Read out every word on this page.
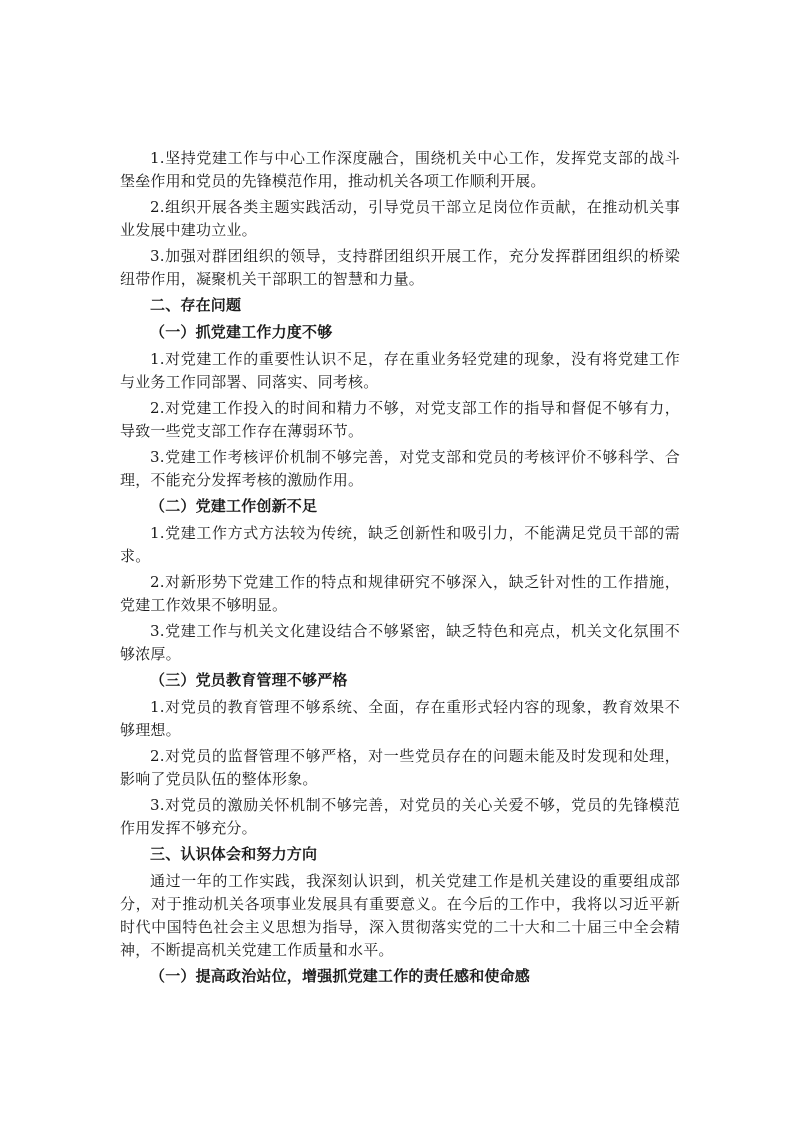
1.坚持党建工作与中心工作深度融合，围绕机关中心工作，发挥党支部的战斗堡垒作用和党员的先锋模范作用，推动机关各项工作顺利开展。
2.组织开展各类主题实践活动，引导党员干部立足岗位作贡献，在推动机关事业发展中建功立业。
3.加强对群团组织的领导，支持群团组织开展工作，充分发挥群团组织的桥梁纽带作用，凝聚机关干部职工的智慧和力量。
二、存在问题
（一）抓党建工作力度不够
1.对党建工作的重要性认识不足，存在重业务轻党建的现象，没有将党建工作与业务工作同部署、同落实、同考核。
2.对党建工作投入的时间和精力不够，对党支部工作的指导和督促不够有力，导致一些党支部工作存在薄弱环节。
3.党建工作考核评价机制不够完善，对党支部和党员的考核评价不够科学、合理，不能充分发挥考核的激励作用。
（二）党建工作创新不足
1.党建工作方式方法较为传统，缺乏创新性和吸引力，不能满足党员干部的需求。
2.对新形势下党建工作的特点和规律研究不够深入，缺乏针对性的工作措施，党建工作效果不够明显。
3.党建工作与机关文化建设结合不够紧密，缺乏特色和亮点，机关文化氛围不够浓厚。
（三）党员教育管理不够严格
1.对党员的教育管理不够系统、全面，存在重形式轻内容的现象，教育效果不够理想。
2.对党员的监督管理不够严格，对一些党员存在的问题未能及时发现和处理，影响了党员队伍的整体形象。
3.对党员的激励关怀机制不够完善，对党员的关心关爱不够，党员的先锋模范作用发挥不够充分。
三、认识体会和努力方向
通过一年的工作实践，我深刻认识到，机关党建工作是机关建设的重要组成部分，对于推动机关各项事业发展具有重要意义。在今后的工作中，我将以习近平新时代中国特色社会主义思想为指导，深入贯彻落实党的二十大和二十届三中全会精神，不断提高机关党建工作质量和水平。
（一）提高政治站位，增强抓党建工作的责任感和使命感
